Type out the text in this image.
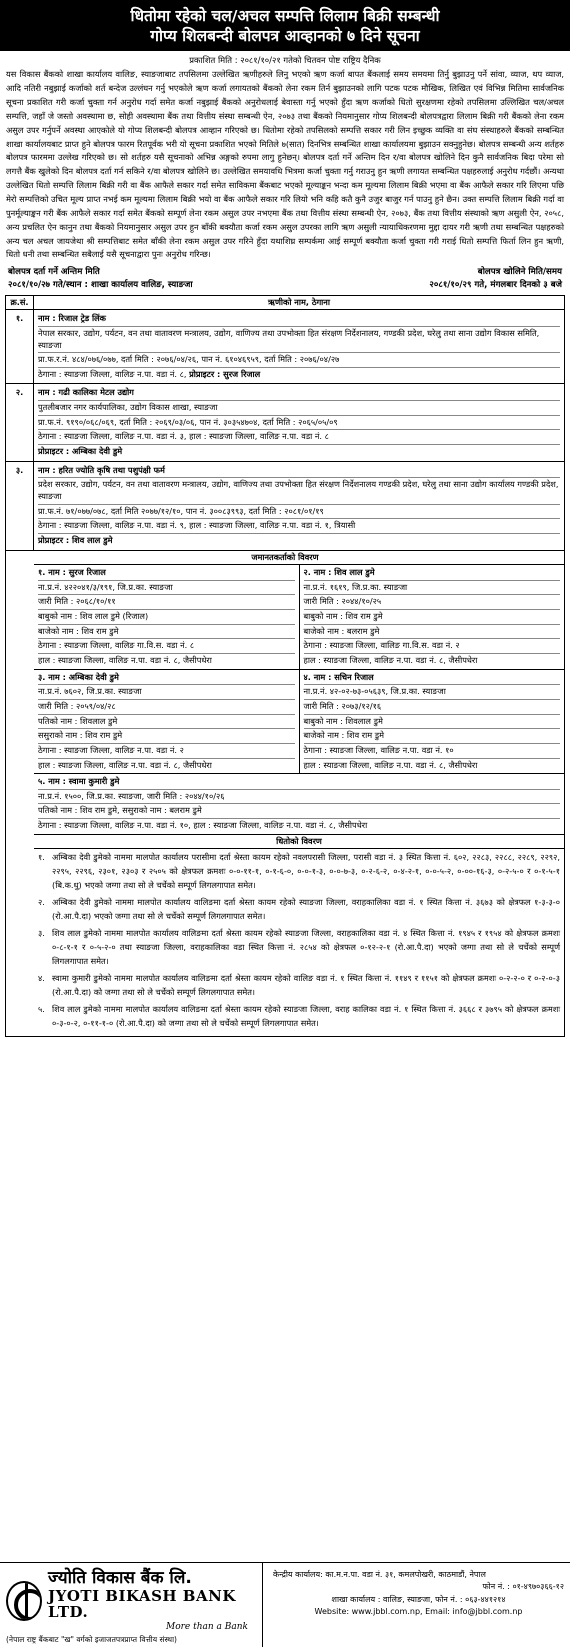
धितोमा रहेको चल/अचल सम्पत्ति लिलाम बिक्री सम्बन्धी
गोप्य शिलबन्दी बोलपत्र आव्हानको ७ दिने सूचना
प्रकाशित मिति : २०८१/१०/२१ गतेको चितवन पोष्ट राष्ट्रिय दैनिक
यस विकास बैंकको शाखा कार्यालय वालिङ, स्याङजाबाट तपसिलमा उल्लेखित ऋणीहरुले लिनु भएको ऋण कर्जा बापत बैंकलाई समय समयमा तिर्नु बुझाउनु पर्ने सांवा, व्याज, थप व्याज, आदि नतिरी नबुझाई कर्जाको शर्त बन्देज उल्लंघन गर्नु भएकोले ऋण कर्जा लगायतको बैंकको लेना रकम तिर्न बुझाउनको लागि पटक पटक मौखिक, लिखित एवं विभिन्न मितिमा सार्वजनिक सूचना प्रकाशित गरी कर्जा चुक्ता गर्न अनुरोध गर्दा समेत कर्जा नबुझाई बैंकको अनुरोधलाई बेवास्ता गर्नु भएको हुँदा ऋण कर्जाको धितो सुरक्षणमा रहेको तपसिलमा उल्लिखित चल/अचल सम्पत्ति, जहाँ जे जस्तो अवस्थामा छ, सोही अवस्थामा बैंक तथा वित्तीय संस्था सम्बन्धी ऐन, २०७३ तथा बैंकको नियमानुसार गोप्य शिलबन्दी बोलपत्रद्वारा लिलाम बिक्री गरी बैंकको लेना रकम असुल उपर गर्नुपर्ने अवस्था आएकोले यो गोप्य शिलबन्दी बोलपत्र आव्हान गरिएको छ। धितोमा रहेको तपसिलको सम्पत्ति सकार गरी लिन इच्छुक व्यक्ति वा संघ संस्थाहरुले बैंकको सम्बन्धित शाखा कार्यालयबाट प्राप्त हुने बोलपत्र फारम रितपूर्वक भरी यो सूचना प्रकाशित भएको मितिले ७(सात) दिनभित्र सम्बन्धित शाखा कार्यालयमा बुझाउन सक्नुहुनेछ। बोलपत्र सम्बन्धी अन्य शर्तहरु बोलपत्र फारममा उल्लेख गरिएको छ। सो शर्तहरु यसै सूचनाको अभिन्न अङ्गको रुपमा लागु हुनेछन्। बोलपत्र दर्ता गर्ने अन्तिम दिन र/वा बोलपत्र खोलिने दिन कुनै सार्वजनिक बिदा परेमा सो लगत्तै बैंक खुलेको दिन बोलपत्र दर्ता गर्न सकिने र/वा बोलपत्र खोलिने छ। उल्लेखित समयावधि भित्रमा कर्जा चुक्ता गर्नु गराउनु हुन ऋणी लगायत सम्बन्धित पक्षहरुलाई अनुरोध गर्दछौं। अन्यथा उल्लेखित धितो सम्पत्ति लिलाम बिक्री गरी वा बैंक आफैले सकार गर्दा समेत साविकमा बैंकबाट भएको मूल्याङ्कन भन्दा कम मूल्यमा लिलाम बिक्री भएमा वा बैंक आफैले सकार गरि लिएमा पछि मेरो सम्पत्तिको उचित मूल्य प्राप्त नभई कम मूल्यमा लिलाम बिक्री भयो वा बैंक आफैले सकार गरि लियो भनि कहि कतै कुनै उजुर बाजुर गर्न पाउनु हुने छैन। उक्त सम्पत्ति लिलाम बिक्री गर्दा वा पुनर्मूल्याङ्कन गरी बैंक आफैले सकार गर्दा समेत बैंकको सम्पूर्ण लेना रकम असुल उपर नभएमा बैंक तथा वित्तीय संस्था सम्बन्धी ऐन, २०७३, बैंक तथा वित्तीय संस्थाको ऋण असुली ऐन, २०५८, अन्य प्रचलित ऐन कानुन तथा बैंकको नियमानुसार असुल उपर हुन बाँकी बक्यौता कर्जा रकम असुल उपरका लागि ऋण असुली न्यायाधिकरणमा मुद्दा दायर गरी ऋणी तथा सम्बन्धित पक्षहरुको अन्य चल अचल जायजेथा श्री सम्पत्तिबाट समेत बाँकी लेना रकम असुल उपर गरिने हुँदा यथाशिघ्र सम्पर्कमा आई सम्पूर्ण बक्यौता कर्जा चुक्ता गरी गराई धितो सम्पत्ति फिर्ता लिन हुन ऋणी, धितो धनी तथा सम्बन्धित सबैलाई यसै सूचनाद्वारा पुनः अनुरोध गरिन्छ।
बोलपत्र दर्ता गर्ने अन्तिम मिति	बोलपत्र खोलिने मिति/समय
२०८१/१०/२७ गते/स्थान : शाखा कार्यालय वालिङ, स्याङजा	२०८१/१०/२९ गते, मंगलबार दिनको ३ बजे
क्र.सं.	ऋणीको नाम, ठेगाना
१.	नाम : रिजाल ट्रेड लिंक
नेपाल सरकार, उद्योग, पर्यटन, वन तथा वातावरण मन्त्रालय, उद्योग, वाणिज्य तथा उपभोक्ता हित संरक्षण निर्देशनालय, गण्डकी प्रदेश, घरेलु तथा साना उद्योग विकास समिति, स्याङजा
प्रा.फ.र.नं. ४८४/०७६/०७७, दर्ता मिति : २०७६/०४/२६, पान नं. ६१०४६९५९, दर्ता मिति : २०७६/०४/२७
ठेगाना : स्याङजा जिल्ला, वालिङ न.पा. वडा नं. ८, प्रोप्राइटर : सुरज रिजाल
२.	नाम : गढी कालिका मेटल उद्योग
पुतलीबजार नगर कार्यपालिका, उद्योग विकास शाखा, स्याङजा
प्रा.फ.नं. ९१९०/०६८/०६९, दर्ता मिति : २०६९/०३/०६, पान नं. ३०३५४७०४, दर्ता मिति : २०६५/०५/०९
ठेगाना : स्याङजा जिल्ला, वालिङ न.पा. वडा नं. ३, हाल : स्याङजा जिल्ला, वालिङ न.पा. वडा नं. ८
प्रोप्राइटर : अम्बिका देवी डुमे
३.	नाम : हरित ज्योति कृषि तथा पशुपंक्षी फर्म
प्रदेश सरकार, उद्योग, पर्यटन, वन तथा वातावरण मन्त्रालय, उद्योग, वाणिज्य तथा उपभोक्ता हित संरक्षण निर्देशनालय गण्डकी प्रदेश, घरेलु तथा साना उद्योग कार्यालय गण्डकी प्रदेश, स्याङजा
प्रा.फ.नं. ७१/०७७/०७८, दर्ता मिति २०७७/१२/१०, पान नं. ३००८३९९३, दर्ता मिति : २०८१/०१/१९
ठेगाना : स्याङजा जिल्ला, वालिङ न.पा. वडा नं. ९, हाल : स्याङजा जिल्ला, वालिङ न.पा. वडा नं. १, त्रियासी
प्रोप्राइटर : शिव लाल डुमे
जमानतकर्ताको विवरण
१. नाम : सुरज रिजाल
ना.प्र.नं. ४२२०४१/३/१९१, जि.प्र.का. स्याङजा
जारी मिति : २०६८/१०/११
बाबुको नाम : शिव लाल डुमे (रिजाल)
बाजेको नाम : शिव राम डुमे
ठेगाना : स्याङजा जिल्ला, वालिङ गा.वि.स. वडा नं. ८
हाल : स्याङजा जिल्ला, वालिङ न.पा. वडा नं. ८, जैसीपधेरा
२. नाम : शिव लाल डुमे
ना.प्र.नं. १६१९, जि.प्र.का. स्याङजा
जारी मिति : २०४४/१०/२५
बाबुको नाम : शिव राम डुमे
बाजेको नाम : बलराम डुमे
ठेगाना : स्याङजा जिल्ला, वालिङ गा.वि.स. वडा नं. २
हाल : स्याङजा जिल्ला, वालिङ न.पा. वडा नं. ८, जैसीपधेरा
३. नाम : अम्बिका देवी डुमे
ना.प्र.नं. ७६०२, जि.प्र.का. स्याङजा
जारी मिति : २०५९/०४/२८
पतिको नाम : शिवलाल डुमे
ससुराको नाम : शिव राम डुमे
ठेगाना : स्याङजा जिल्ला, वालिङ न.पा. वडा नं. २
हाल : स्याङजा जिल्ला, वालिङ न.पा. वडा नं. ८, जैसीपधेरा
४. नाम : सचिन रिजाल
ना.प्र.नं. ४२-०२-७३-०५६३९, जि.प्र.का. स्याङजा
जारी मिति : २०७३/१२/१६
बाबुको नाम : शिवलाल डुमे
बाजेको नाम : शिव राम डुमे
ठेगाना : स्याङजा जिल्ला, वालिङ न.पा. वडा नं. १०
हाल : स्याङजा जिल्ला, वालिङ न.पा. वडा नं. ८, जैसीपधेरा
५. नाम : स्वामा कुमारी डुमे
ना.प्र.नं. १५००, जि.प्र.का. स्याङजा, जारी मिति : २०४४/१०/२६
पतिको नाम : शिव राम डुमे, ससुराको नाम : बलराम डुमे
ठेगाना : स्याङजा जिल्ला, वालिङ न.पा. वडा नं. १०, हाल : स्याङजा जिल्ला, वालिङ न.पा. वडा नं. ८, जैसीपधेरा
धितोको विवरण
१. अम्बिका देवी डुमेको नाममा मालपोत कार्यालय परासीमा दर्ता श्रेस्ता कायम रहेको नवलपरासी जिल्ला, परासी वडा नं. ३ स्थित कित्ता नं. ६०२, २२८३, २२८८, २२८९, २२९२, २२९५, २२९६, २३०१, २३०३ र २५०५ को क्षेत्रफल क्रमशः ०-०-११-१, ०-१-६-०, ०-०-१-३, ०-०-७-३, ०-२-६-२, ०-४-२-१, ०-०-५-२, ०-००-१६-३, ०-२-५-० र ०-१-५-१ (बि.क.धु) भएको जग्गा तथा सो ले चर्चेको सम्पूर्ण लिगलगापात समेत।
२. अम्बिका देवी डुमेको नाममा मालपोत कार्यालय वालिङमा दर्ता श्रेस्ता कायम रहेको स्याङजा जिल्ला, वराहकालिका वडा नं. १ स्थित कित्ता नं. ३६७३ को क्षेत्रफल १-३-३-० (रो.आ.पै.दा) भएको जग्गा तथा सो ले चर्चेको सम्पूर्ण लिगलगापात समेत।
३. शिव लाल डुमेको नाममा मालपोत कार्यालय वालिङमा दर्ता श्रेस्ता कायम रहेको स्याङजा जिल्ला, वराहकालिका वडा नं. ४ स्थित कित्ता नं. १९४५ र १९५४ को क्षेत्रफल क्रमशः ०-८-१-१ र ०-५-२-० तथा स्याङजा जिल्ला, वराहकालिका वडा स्थित कित्ता नं. २८५४ को क्षेत्रफल ०-१२-२-१ (रो.आ.पै.दा) भएको जग्गा तथा सो ले चर्चेको सम्पूर्ण लिगलगापात समेत।
४. स्वामा कुमारी डुमेको नाममा मालपोत कार्यालय वालिङमा दर्ता श्रेस्ता कायम रहेको वालिङ वडा नं. १ स्थित कित्ता नं. ११४९ र ११५१ को क्षेत्रफल क्रमशः ०-२-२-० र ०-२-०-३ (रो.आ.पै.दा) को जग्गा तथा सो ले चर्चेको सम्पूर्ण लिगलगापात समेत।
५. शिव लाल डुमेको नाममा मालपोत कार्यालय वालिङमा दर्ता श्रेस्ता कायम रहेको स्याङजा जिल्ला, वराह कालिका वडा नं. १ स्थित कित्ता नं. ३६६८ र ३७९५ को क्षेत्रफल क्रमशः ०-३-०-२, ०-११-१-० (रो.आ.पै.दा) को जग्गा तथा सो ले चर्चेको सम्पूर्ण लिगलगापात समेत।
ज्योति विकास बैंक लि.
JYOTI BIKASH BANK LTD.
More than a Bank
(नेपाल राष्ट्र बैंकबाट "ख" वर्गको इजाजतपत्रप्राप्त वित्तीय संस्था)
केन्द्रीय कार्यालय: का.म.न.पा. वडा नं. ३१, कमलपोखरी, काठमाडौं, नेपाल
फोन नं. : ०१-४९७०३६६-१२
शाखा कार्यालय : वालिङ, स्याङजा, फोन नं. : ०६३-४४१२१४
Website: www.jbbl.com.np, Email: info@jbbl.com.np
